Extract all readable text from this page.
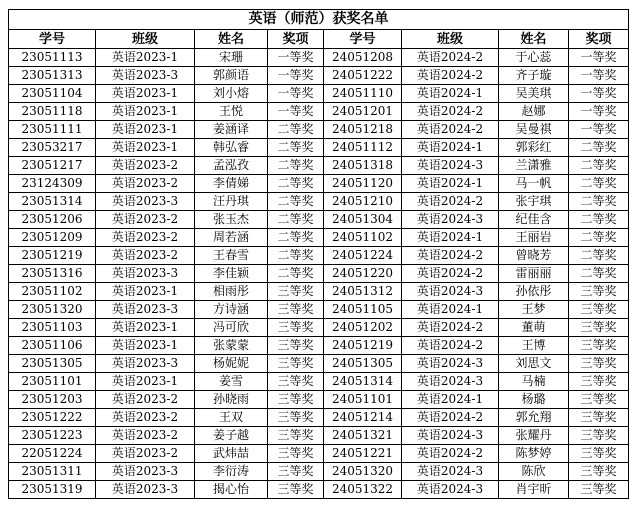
英语（师范）获奖名单							
学号	班级	姓名	奖项	学号	班级	姓名	奖项
23051113	英语2023-1	宋珊	一等奖	24051208	英语2024-2	于心蕊	一等奖
23051313	英语2023-3	郭颜语	一等奖	24051222	英语2024-2	齐子璇	一等奖
23051104	英语2023-1	刘小熔	一等奖	24051110	英语2024-1	吴美琪	一等奖
23051118	英语2023-1	王悦	一等奖	24051201	英语2024-2	赵娜	一等奖
23051111	英语2023-1	姜涵译	二等奖	24051218	英语2024-2	吴曼祺	一等奖
23053217	英语2023-1	韩弘睿	二等奖	24051112	英语2024-1	郭彩红	二等奖
23051217	英语2023-2	孟泓孜	二等奖	24051318	英语2024-3	兰潇雅	二等奖
23124309	英语2023-2	李倩娣	二等奖	24051120	英语2024-1	马一帆	二等奖
23051314	英语2023-3	汪丹琪	二等奖	24051210	英语2024-2	张宇琪	二等奖
23051206	英语2023-2	张玉杰	二等奖	24051304	英语2024-3	纪佳含	二等奖
23051209	英语2023-2	周若涵	二等奖	24051102	英语2024-1	王丽岩	二等奖
23051219	英语2023-2	王春雪	二等奖	24051224	英语2024-2	曾晓芳	二等奖
23051316	英语2023-3	李佳颖	二等奖	24051220	英语2024-2	雷丽丽	二等奖
23051102	英语2023-1	相雨彤	三等奖	24051312	英语2024-3	孙依彤	三等奖
23051320	英语2023-3	方诗涵	三等奖	24051105	英语2024-1	王梦	三等奖
23051103	英语2023-1	冯可欣	三等奖	24051202	英语2024-2	董萌	三等奖
23051106	英语2023-1	张蒙蒙	三等奖	24051219	英语2024-2	王博	三等奖
23051305	英语2023-3	杨妮妮	三等奖	24051305	英语2024-3	刘思文	三等奖
23051101	英语2023-1	姜雪	三等奖	24051314	英语2024-3	马楠	三等奖
23051203	英语2023-2	孙晓雨	三等奖	24051101	英语2024-1	杨璐	三等奖
23051222	英语2023-2	王双	三等奖	24051214	英语2024-2	郭允翔	三等奖
23051223	英语2023-2	姜子越	三等奖	24051321	英语2024-3	张耀丹	三等奖
22051224	英语2023-2	武炜喆	三等奖	24051221	英语2024-2	陈梦婷	三等奖
23051311	英语2023-3	李衍涛	三等奖	24051320	英语2024-3	陈欣	三等奖
23051319	英语2023-3	揭心怡	三等奖	24051322	英语2024-3	肖宇昕	三等奖
